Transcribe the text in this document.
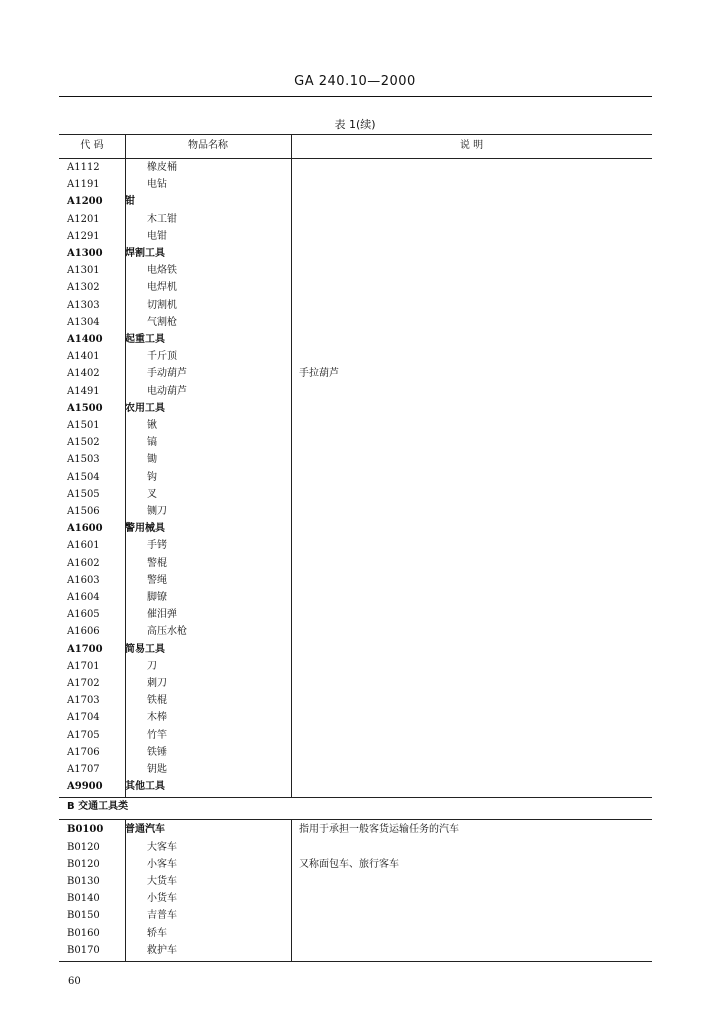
GA 240.10—2000
表 1(续)
代 码	物品名称	说 明
A1112	橡皮桶
A1191	电钻
A1200	钳
A1201	木工钳
A1291	电钳
A1300	焊割工具
A1301	电烙铁
A1302	电焊机
A1303	切割机
A1304	气割枪
A1400	起重工具
A1401	千斤顶
A1402	手动葫芦	手拉葫芦
A1491	电动葫芦
A1500	农用工具
A1501	锹
A1502	镐
A1503	锄
A1504	钩
A1505	叉
A1506	铡刀
A1600	警用械具
A1601	手铐
A1602	警棍
A1603	警绳
A1604	脚镣
A1605	催泪弹
A1606	高压水枪
A1700	简易工具
A1701	刀
A1702	刺刀
A1703	铁棍
A1704	木棒
A1705	竹竿
A1706	铁锤
A1707	钥匙
A9900	其他工具
B 交通工具类
B0100	普通汽车	指用于承担一般客货运输任务的汽车
B0120	大客车
B0120	小客车	又称面包车、旅行客车
B0130	大货车
B0140	小货车
B0150	吉普车
B0160	轿车
B0170	救护车
60
